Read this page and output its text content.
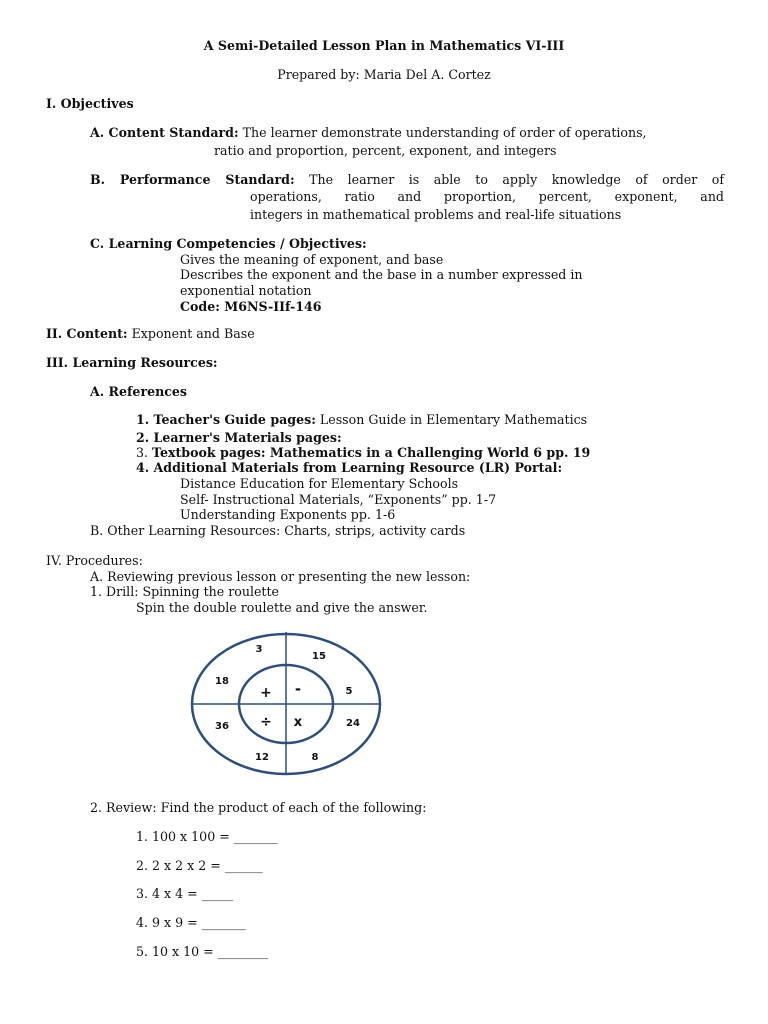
A Semi-Detailed Lesson Plan in Mathematics VI-III
Prepared by: Maria Del A. Cortez
I. Objectives
A. Content Standard: The learner demonstrate understanding of order of operations,
ratio and proportion, percent, exponent, and integers
B. Performance Standard: The learner is able to apply knowledge of order of
operations, ratio and proportion, percent, exponent, and
integers in mathematical problems and real-life situations
C. Learning Competencies / Objectives:
Gives the meaning of exponent, and base
Describes the exponent and the base in a number expressed in
exponential notation
Code: M6NS-IIf-146
II. Content: Exponent and Base
III. Learning Resources:
A. References
1. Teacher's Guide pages: Lesson Guide in Elementary Mathematics
2. Learner's Materials pages:
3. Textbook pages: Mathematics in a Challenging World 6 pp. 19
4. Additional Materials from Learning Resource (LR) Portal:
Distance Education for Elementary Schools
Self- Instructional Materials, “Exponents” pp. 1-7
Understanding Exponents pp. 1-6
B. Other Learning Resources: Charts, strips, activity cards
IV. Procedures:
A. Reviewing previous lesson or presenting the new lesson:
1. Drill: Spinning the roulette
Spin the double roulette and give the answer.
3
15
18
5
36	24
12	8
+ -
÷ x
2. Review: Find the product of each of the following:
1. 100 x 100 = _______
2. 2 x 2 x 2 = ______
3. 4 x 4 = _____
4. 9 x 9 = _______
5. 10 x 10 = ________
